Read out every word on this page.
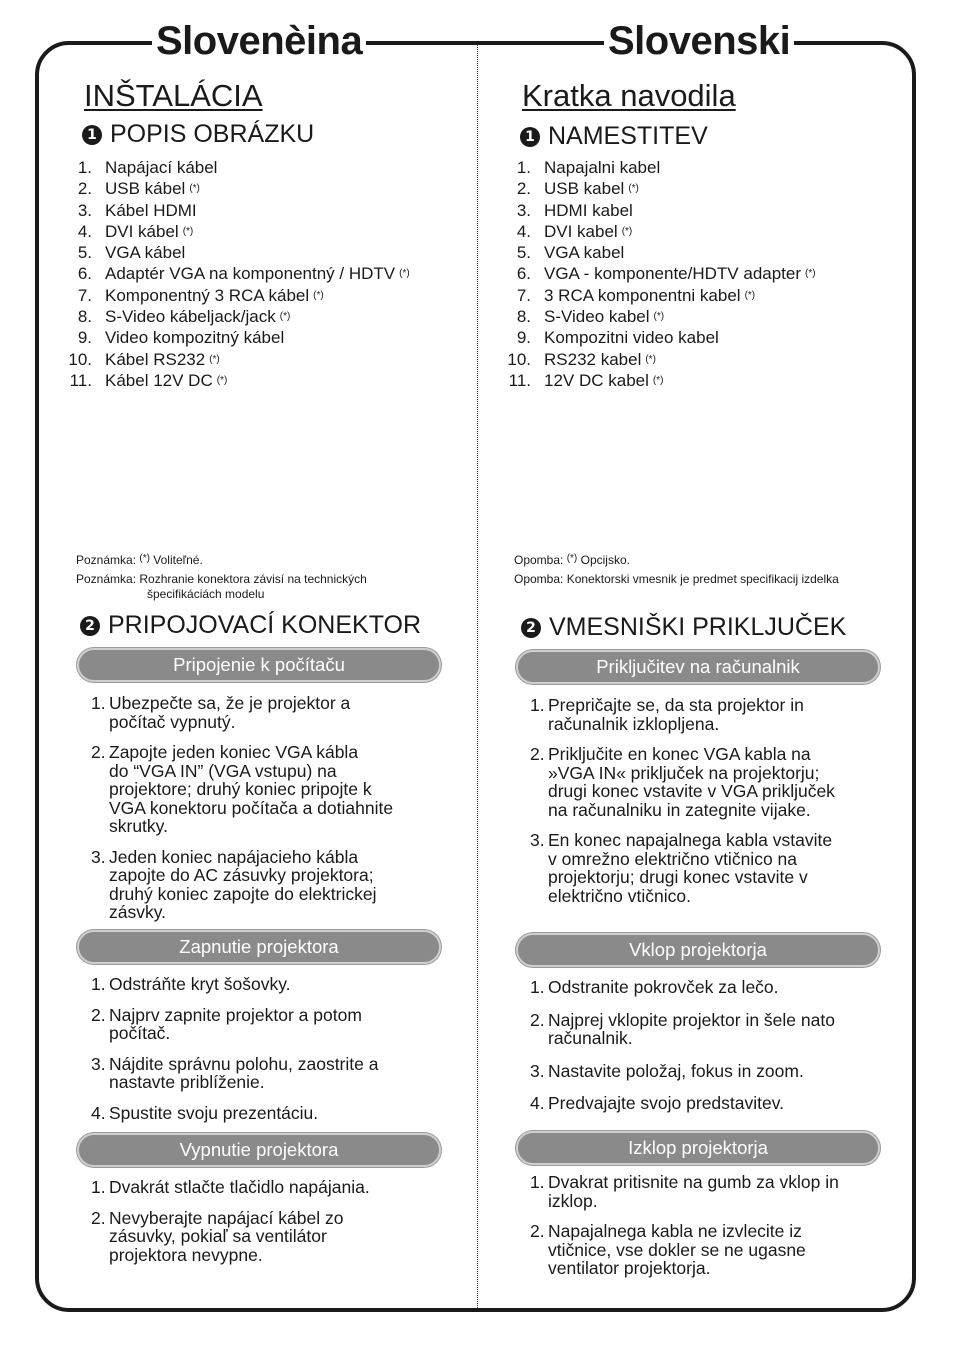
Slovenèina	Slovenski
INŠTALÁCIA
1 POPIS OBRÁZKU
1. Napájací kábel
2. USB kábel (*)
3. Kábel HDMI
4. DVI kábel (*)
5. VGA kábel
6. Adaptér VGA na komponentný / HDTV (*)
7. Komponentný 3 RCA kábel (*)
8. S-Video kábeljack/jack (*)
9. Video kompozitný kábel
10. Kábel RS232 (*)
11. Kábel 12V DC (*)
Poznámka: (*) Voliteľné.
Poznámka: Rozhranie konektora závisí na technických
špecifikáciách modelu
2 PRIPOJOVACÍ KONEKTOR
Pripojenie k počítaču
1. Ubezpečte sa, že je projektor a
počítač vypnutý.
2. Zapojte jeden koniec VGA kábla
do “VGA IN” (VGA vstupu) na
projektore; druhý koniec pripojte k
VGA konektoru počítača a dotiahnite
skrutky.
3. Jeden koniec napájacieho kábla
zapojte do AC zásuvky projektora;
druhý koniec zapojte do elektrickej
zásvky.
Zapnutie projektora
1. Odstráňte kryt šošovky.
2. Najprv zapnite projektor a potom
počítač.
3. Nájdite správnu polohu, zaostrite a
nastavte priblíženie.
4. Spustite svoju prezentáciu.
Vypnutie projektora
1. Dvakrát stlačte tlačidlo napájania.
2. Nevyberajte napájací kábel zo
zásuvky, pokiaľ sa ventilátor
projektora nevypne.
Kratka navodila
1 NAMESTITEV
1. Napajalni kabel
2. USB kabel (*)
3. HDMI kabel
4. DVI kabel (*)
5. VGA kabel
6. VGA - komponente/HDTV adapter (*)
7. 3 RCA komponentni kabel (*)
8. S-Video kabel (*)
9. Kompozitni video kabel
10. RS232 kabel (*)
11. 12V DC kabel (*)
Opomba: (*) Opcijsko.
Opomba: Konektorski vmesnik je predmet specifikacij izdelka
2 VMESNIŠKI PRIKLJUČEK
Priključitev na računalnik
1. Prepričajte se, da sta projektor in
računalnik izklopljena.
2. Priključite en konec VGA kabla na
»VGA IN« priključek na projektorju;
drugi konec vstavite v VGA priključek
na računalniku in zategnite vijake.
3. En konec napajalnega kabla vstavite
v omrežno električno vtičnico na
projektorju; drugi konec vstavite v
električno vtičnico.
Vklop projektorja
1. Odstranite pokrovček za lečo.
2. Najprej vklopite projektor in šele nato
računalnik.
3. Nastavite položaj, fokus in zoom.
4. Predvajajte svojo predstavitev.
Izklop projektorja
1. Dvakrat pritisnite na gumb za vklop in
izklop.
2. Napajalnega kabla ne izvlecite iz
vtičnice, vse dokler se ne ugasne
ventilator projektorja.
